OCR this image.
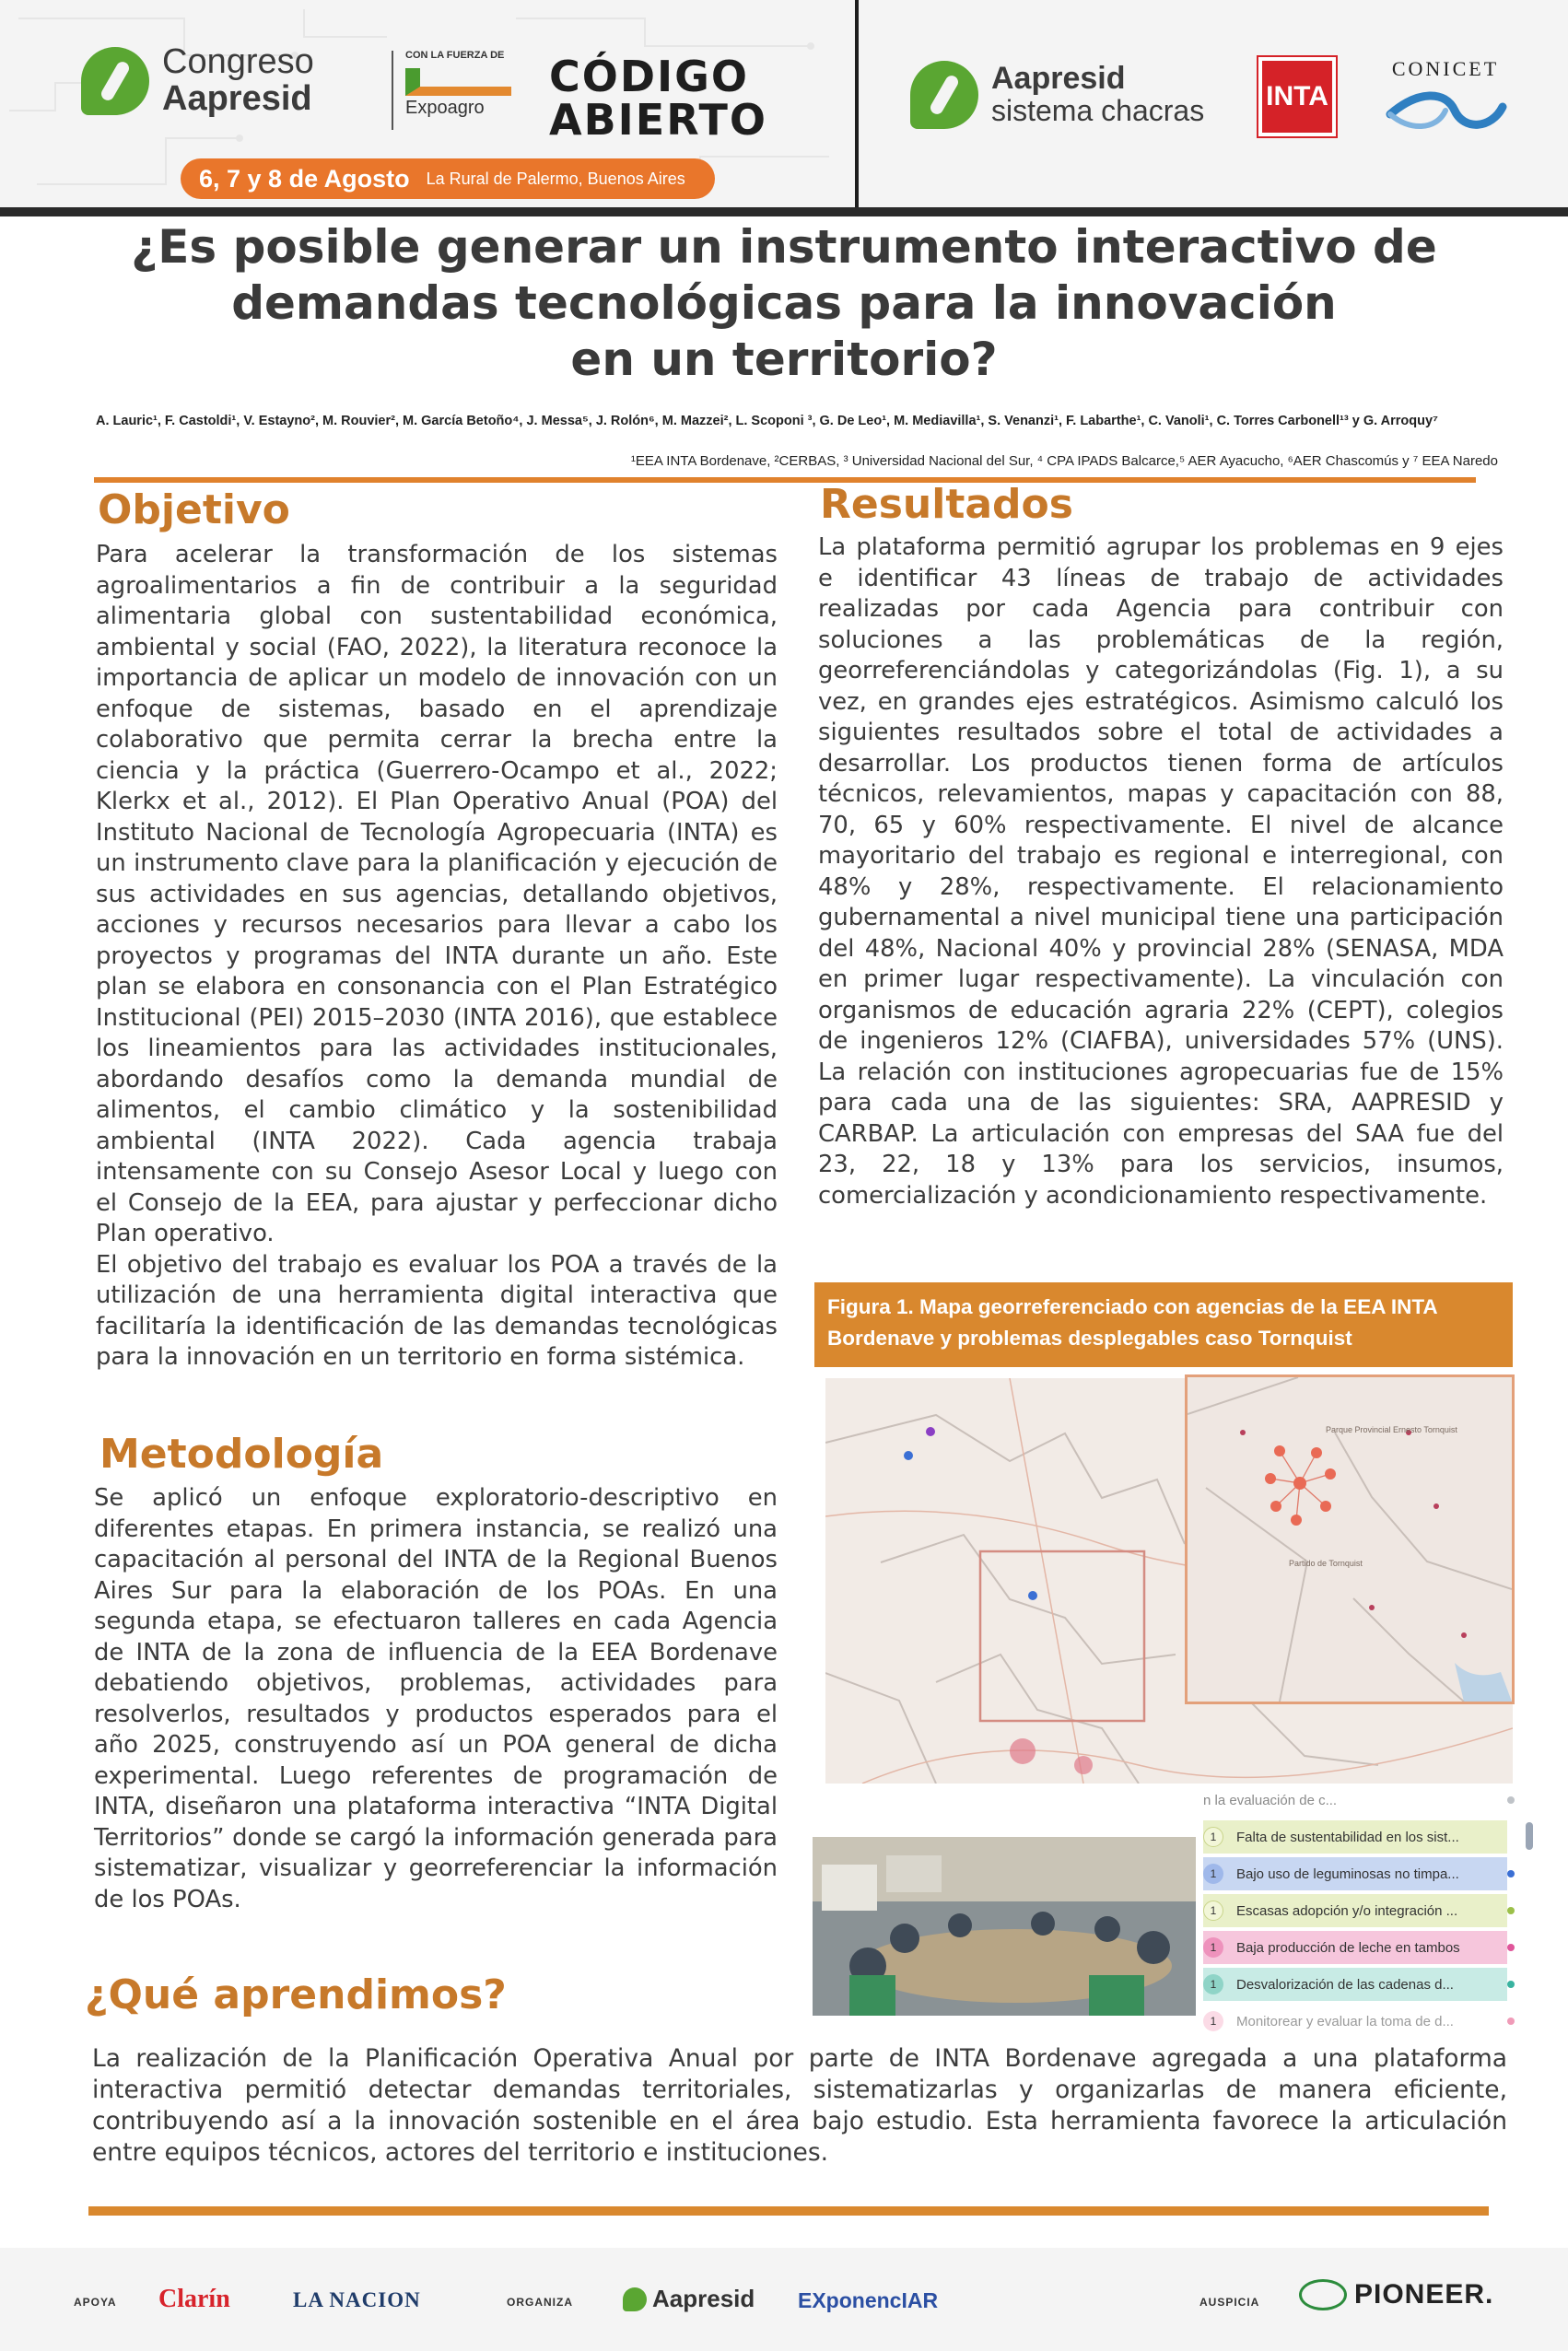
Congreso
Aapresid
CON LA FUERZA DE
Expoagro
CÓDIGO
ABIERTO
6, 7 y 8 de Agosto La Rural de Palermo, Buenos Aires
Aapresid
sistema chacras INTA
CONICET
¿Es posible generar un instrumento interactivo de
demandas tecnológicas para la innovación
en un territorio?
A. Lauric¹, F. Castoldi¹, V. Estayno², M. Rouvier², M. García Betoño⁴, J. Messa⁵, J. Rolón⁶, M. Mazzei², L. Scoponi ³, G. De Leo¹, M. Mediavilla¹, S. Venanzi¹, F. Labarthe¹, C. Vanoli¹, C. Torres Carbonell¹³ y G. Arroquy⁷
¹EEA INTA Bordenave, ²CERBAS, ³ Universidad Nacional del Sur, ⁴ CPA IPADS Balcarce,⁵ AER Ayacucho, ⁶AER Chascomús y ⁷ EEA Naredo
Objetivo

Para acelerar la transformación de los sistemas agroalimentarios a fin de contribuir a la seguridad alimentaria global con sustentabilidad económica, ambiental y social (FAO, 2022), la literatura reconoce la importancia de aplicar un modelo de innovación con un enfoque de sistemas, basado en el aprendizaje colaborativo que permita cerrar la brecha entre la ciencia y la práctica (Guerrero-Ocampo et al., 2022; Klerkx et al., 2012). El Plan Operativo Anual (POA) del Instituto Nacional de Tecnología Agropecuaria (INTA) es un instrumento clave para la planificación y ejecución de sus actividades en sus agencias, detallando objetivos, acciones y recursos necesarios para llevar a cabo los proyectos y programas del INTA durante un año. Este plan se elabora en consonancia con el Plan Estratégico Institucional (PEI) 2015–2030 (INTA 2016), que establece los lineamientos para las actividades institucionales, abordando desafíos como la demanda mundial de alimentos, el cambio climático y la sostenibilidad ambiental (INTA 2022). Cada agencia trabaja intensamente con su Consejo Asesor Local y luego con el Consejo de la EEA, para ajustar y perfeccionar dicho Plan operativo.

El objetivo del trabajo es evaluar los POA a través de la utilización de una herramienta digital interactiva que facilitaría la identificación de las demandas tecnológicas para la innovación en un territorio en forma sistémica.

Metodología
Se aplicó un enfoque exploratorio-descriptivo en diferentes etapas. En primera instancia, se realizó una capacitación al personal del INTA de la Regional Buenos Aires Sur para la elaboración de los POAs. En una segunda etapa, se efectuaron talleres en cada Agencia de INTA de la zona de influencia de la EEA Bordenave debatiendo objetivos, problemas, actividades para resolverlos, resultados y productos esperados para el año 2025, construyendo así un POA general de dicha experimental. Luego referentes de programación de INTA, diseñaron una plataforma interactiva “INTA Digital Territorios” donde se cargó la información generada para sistematizar, visualizar y georreferenciar la información de los POAs.
Resultados
La plataforma permitió agrupar los problemas en 9 ejes e identificar 43 líneas de trabajo de actividades realizadas por cada Agencia para contribuir con soluciones a las problemáticas de la región, georreferenciándolas y categorizándolas (Fig. 1), a su vez, en grandes ejes estratégicos. Asimismo calculó los siguientes resultados sobre el total de actividades a desarrollar. Los productos tienen forma de artículos técnicos, relevamientos, mapas y capacitación con 88, 70, 65 y 60% respectivamente. El nivel de alcance mayoritario del trabajo es regional e interregional, con 48% y 28%, respectivamente. El relacionamiento gubernamental a nivel municipal tiene una participación del 48%, Nacional 40% y provincial 28% (SENASA, MDA en primer lugar respectivamente). La vinculación con organismos de educación agraria 22% (CEPT), colegios de ingenieros 12% (CIAFBA), universidades 57% (UNS). La relación con instituciones agropecuarias fue de 15% para cada una de las siguientes: SRA, AAPRESID y CARBAP. La articulación con empresas del SAA fue del 23, 22, 18 y 13% para los servicios, insumos, comercialización y acondicionamiento respectivamente.
Figura 1. Mapa georreferenciado con agencias de la EEA INTA Bordenave y problemas desplegables caso Tornquist
Parque Provincial Ernesto Tornquist
Partido de Tornquist
n la evaluación de c...
1	Falta de sustentabilidad en los sist...
1	Bajo uso de leguminosas no timpa...
1	Escasas adopción y/o integración ...
1	Baja producción de leche en tambos
1	Desvalorización de las cadenas d...
1	Monitorear y evaluar la toma de d...
¿Qué aprendimos?
La realización de la Planificación Operativa Anual por parte de INTA Bordenave agregada a una plataforma interactiva permitió detectar demandas territoriales, sistematizarlas y organizarlas de manera eficiente, contribuyendo así a la innovación sostenible en el área bajo estudio. Esta herramienta favorece la articulación entre equipos técnicos, actores del territorio e instituciones.
APOYA Clarín	LA NACION	ORGANIZA	Aapresid EXponencIAR	AUSPICIA	PIONEER.
